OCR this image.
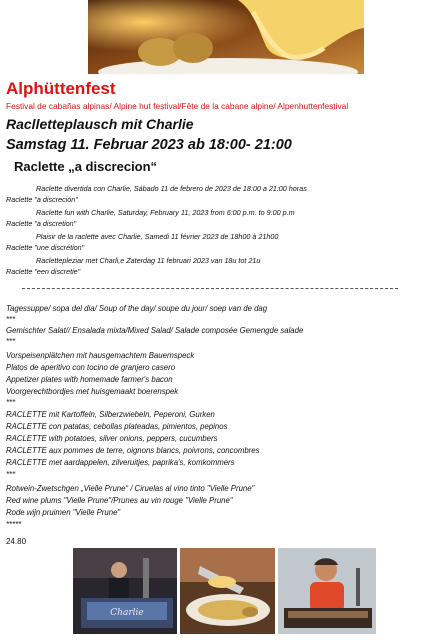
Alphüttenfest
Festival de cabañas alpinas/ Alpine hut festival/Fête de la cabane alpine/ Alpenhuttenfestival
Raclletteplausch mit Charlie
Samstag 11. Februar 2023 ab 18:00- 21:00
Raclette „a discrecion“
Raclette divertida con Charlie, Sábado 11 de febrero de 2023 de 18:00 a 21:00 horas
Raclette "a discreción"
Raclette fun with Charlie, Saturday, February 11, 2023 from 6:00 p.m. to 9:00 p.m
Raclette "a discretion"
Plaisir de la raclette avec Charlie, Samedi 11 février 2023 de 18h00 à 21h00
Raclette "une discrétion"
Raclettepleziar met Charli,e Zaterdag 11 februari 2023 van 18u tot 21u
Raclette "een discretie"
Tagessuppe/ sopa del dia/ Soup of the day/ soupe du jour/ soep van de dag
***
Gemischter Salat// Ensalada mixta/Mixed Salad/ Salade composée Gemengde salade
***
Vorspeisenplätchen mit hausgemachtem Bauernspeck
Platos de aperitivo con tocino de granjero casero
Appetizer plates with homemade farmer's bacon
Voorgerechtbordjes met huisgemaakt boerenspek
***
RACLETTE mit Kartoffeln, Silberzwiebeln, Peperoni, Gurken
RACLETTE con patatas, cebollas plateadas, pimientos, pepinos
RACLETTE with potatoes, silver onions, peppers, cucumbers
RACLETTE aux pommes de terre, oignons blancs, poivrons, concombres
RACLETTE met aardappelen, zilveruitjes, paprika's, komkommers
***
Rotwein-Zwetschgen „Vielle Prune“ / Ciruelas al vino tinto "Vielle Prune"
Red wine plums "Vielle Prune"/Prunes au vin rouge "Vielle Prune"
Rode wijn pruimen "Vielle Prune"
*****
24.80
Charlie
